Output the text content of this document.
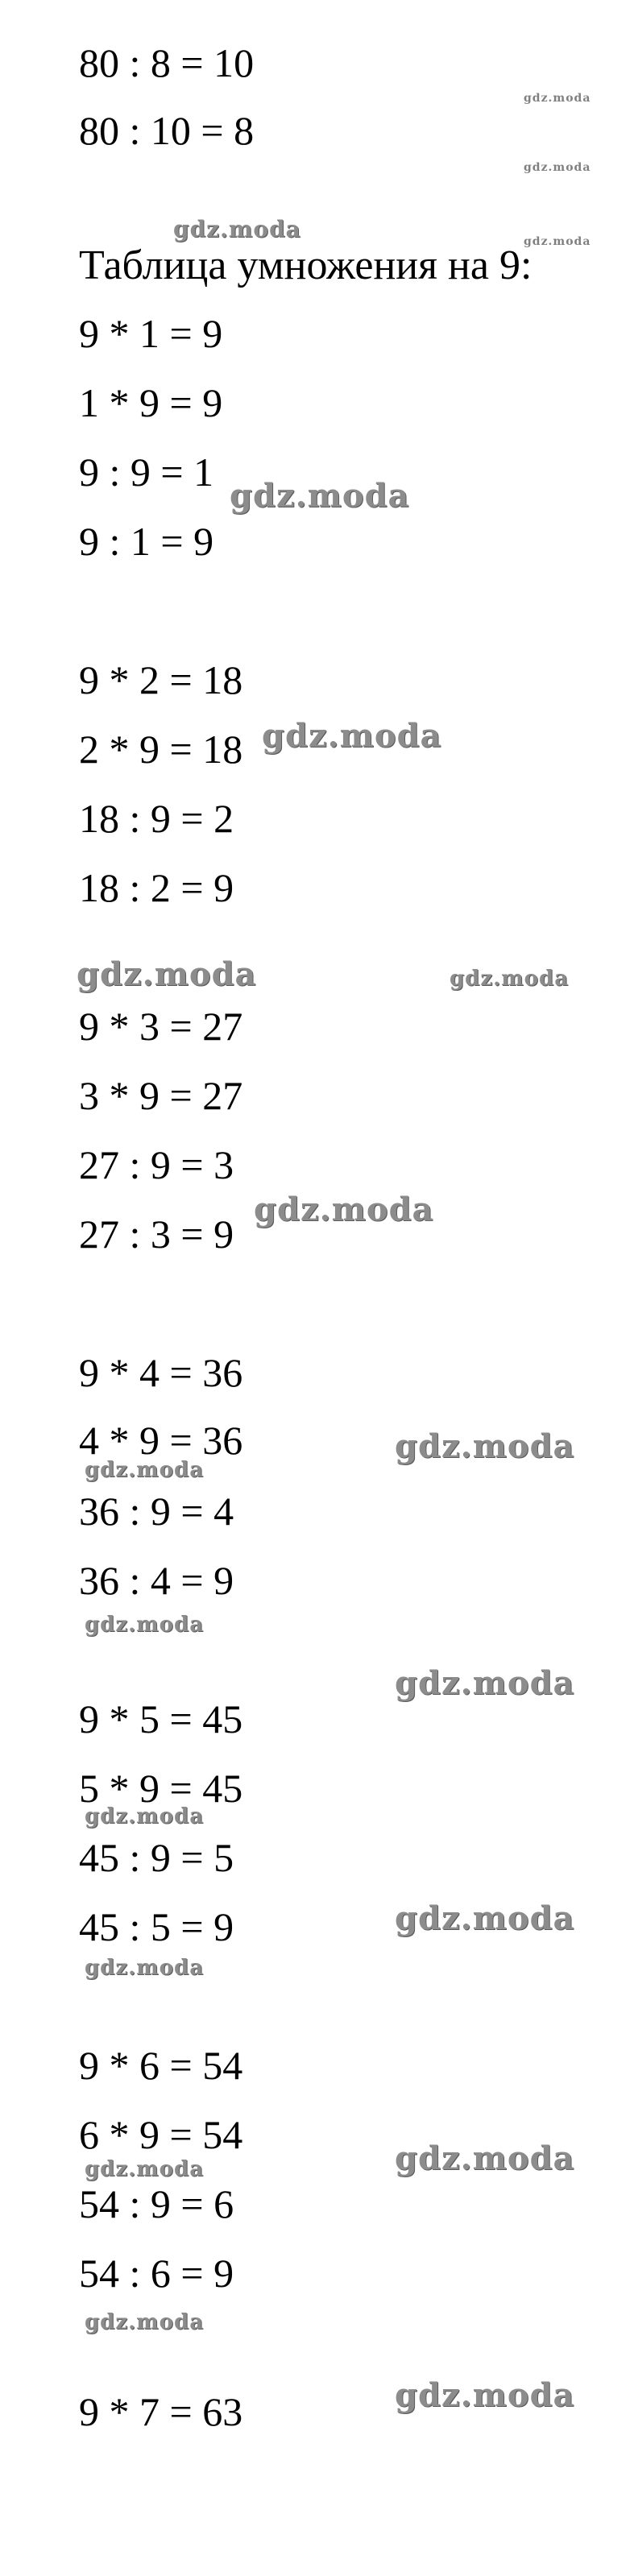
80 : 8 = 10
80 : 10 = 8
Таблица умножения на 9:
9 * 1 = 9
1 * 9 = 9
9 : 9 = 1
9 : 1 = 9
9 * 2 = 18
2 * 9 = 18
18 : 9 = 2
18 : 2 = 9
9 * 3 = 27
3 * 9 = 27
27 : 9 = 3
27 : 3 = 9
9 * 4 = 36
4 * 9 = 36
36 : 9 = 4
36 : 4 = 9
9 * 5 = 45
5 * 9 = 45
45 : 9 = 5
45 : 5 = 9
9 * 6 = 54
6 * 9 = 54
54 : 9 = 6
54 : 6 = 9
9 * 7 = 63
gdz.moda
gdz.moda
gdz.moda
gdz.moda
gdz.moda
gdz.moda
gdz.moda	gdz.moda
gdz.moda
gdz.moda
gdz.moda
gdz.moda
gdz.moda
gdz.moda
gdz.moda
gdz.moda
gdz.moda	gdz.moda
gdz.moda
gdz.moda
